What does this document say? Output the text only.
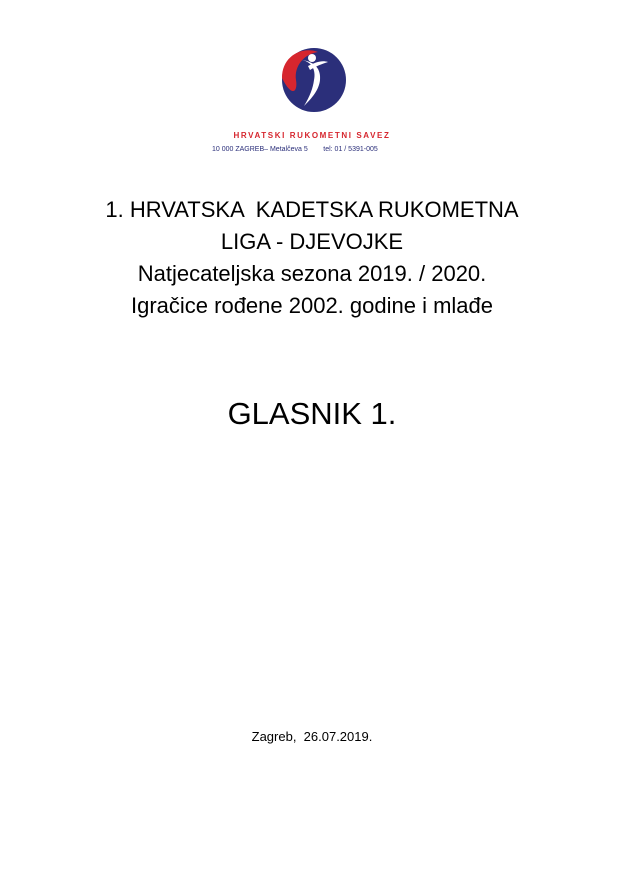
HRVATSKI RUKOMETNI SAVEZ
10 000 ZAGREB– Metalčeva 5        tel: 01 / 5391-005
1. HRVATSKA  KADETSKA RUKOMETNA
LIGA - DJEVOJKE
Natjecateljska sezona 2019. / 2020.
Igračice rođene 2002. godine i mlađe
GLASNIK 1.
Zagreb,  26.07.2019.
